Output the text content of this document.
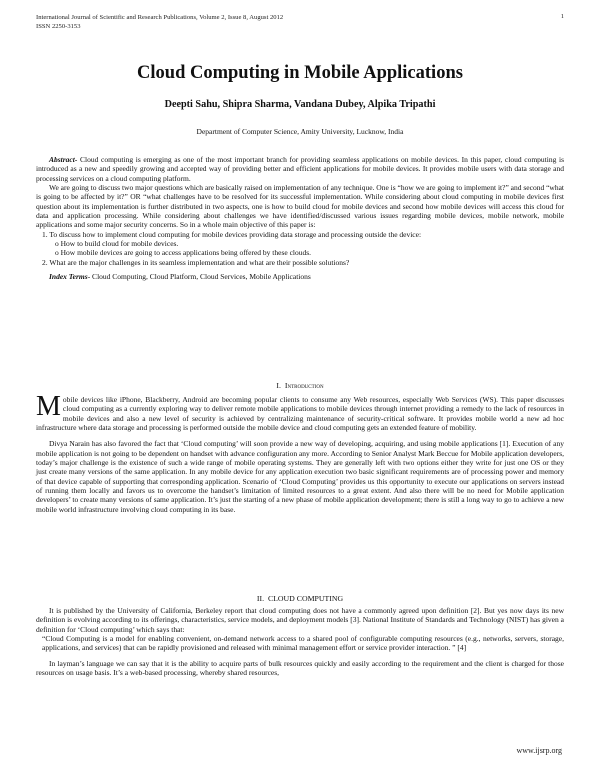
International Journal of Scientific and Research Publications, Volume 2, Issue 8, August 2012
ISSN 2250-3153
1
Cloud Computing in Mobile Applications
Deepti Sahu, Shipra Sharma, Vandana Dubey, Alpika Tripathi
Department of Computer Science, Amity University, Lucknow, India

Abstract- Cloud computing is emerging as one of the most important branch for providing seamless applications on mobile devices. In this paper, cloud computing is introduced as a new and speedily growing and accepted way of providing better and efficient applications for mobile devices. It provides mobile users with data storage and processing services on a cloud computing platform.

We are going to discuss two major questions which are basically raised on implementation of any technique. One is “how we are going to implement it?” and second “what is going to be affected by it?” OR “what challenges have to be resolved for its successful implementation. While considering about cloud computing in mobile devices first question about its implementation is further distributed in two aspects, one is how to build cloud for mobile devices and second how mobile devices will access this cloud for data and application processing. While considering about challenges we have identified/discussed various issues regarding mobile devices, mobile network, mobile applications and some major security concerns. So in a whole main objective of this paper is:

1. To discuss how to implement cloud computing for mobile devices providing data storage and processing outside the device:

o How to build cloud for mobile devices.

o How mobile devices are going to access applications being offered by these clouds.

2. What are the major challenges in its seamless implementation and what are their possible solutions?

Index Terms- Cloud Computing, Cloud Platform, Cloud Services, Mobile Applications

I. Introduction

Mobile devices like iPhone, Blackberry, Android are becoming popular clients to consume any Web resources, especially Web Services (WS). This paper discusses cloud computing as a currently exploring way to deliver remote mobile applications to mobile devices through internet providing a remedy to the lack of resources in mobile devices and also a new level of security is achieved by centralizing maintenance of security-critical software. It provides mobile world a new ad hoc infrastructure where data storage and processing is performed outside the mobile device and cloud computing gets an extended feature of mobility.

Divya Narain has also favored the fact that ‘Cloud computing’ will soon provide a new way of developing, acquiring, and using mobile applications [1]. Execution of any mobile application is not going to be dependent on handset with advance configuration any more. According to Senior Analyst Mark Beccue for Mobile application developers, today’s major challenge is the existence of such a wide range of mobile operating systems. They are generally left with two options either they write for just one OS or they just create many versions of the same application. In any mobile device for any application execution two basic significant requirements are of processing power and memory of that device capable of supporting that corresponding application. Scenario of ‘Cloud Computing’ provides us this opportunity to execute our applications on servers instead of running them locally and favors us to overcome the handset’s limitation of limited resources to a great extent. And also there will be no need for Mobile application developers’ to create many versions of same application. It’s just the starting of a new phase of mobile application development; there is still a long way to go to achieve a new mobile world infrastructure involving cloud computing in its base.

II. CLOUD COMPUTING

It is published by the University of California, Berkeley report that cloud computing does not have a commonly agreed upon definition [2]. But yes now days its new definition is evolving according to its offerings, characteristics, service models, and deployment models [3]. National Institute of Standards and Technology (NIST) has given a definition for ‘Cloud computing’ which says that:

“Cloud Computing is a model for enabling convenient, on-demand network access to a shared pool of configurable computing resources (e.g., networks, servers, storage, applications, and services) that can be rapidly provisioned and released with minimal management effort or service provider interaction. ” [4]

In layman’s language we can say that it is the ability to acquire parts of bulk resources quickly and easily according to the requirement and the client is charged for those resources on usage basis. It’s a web-based processing, whereby shared resources,

www.ijsrp.org
